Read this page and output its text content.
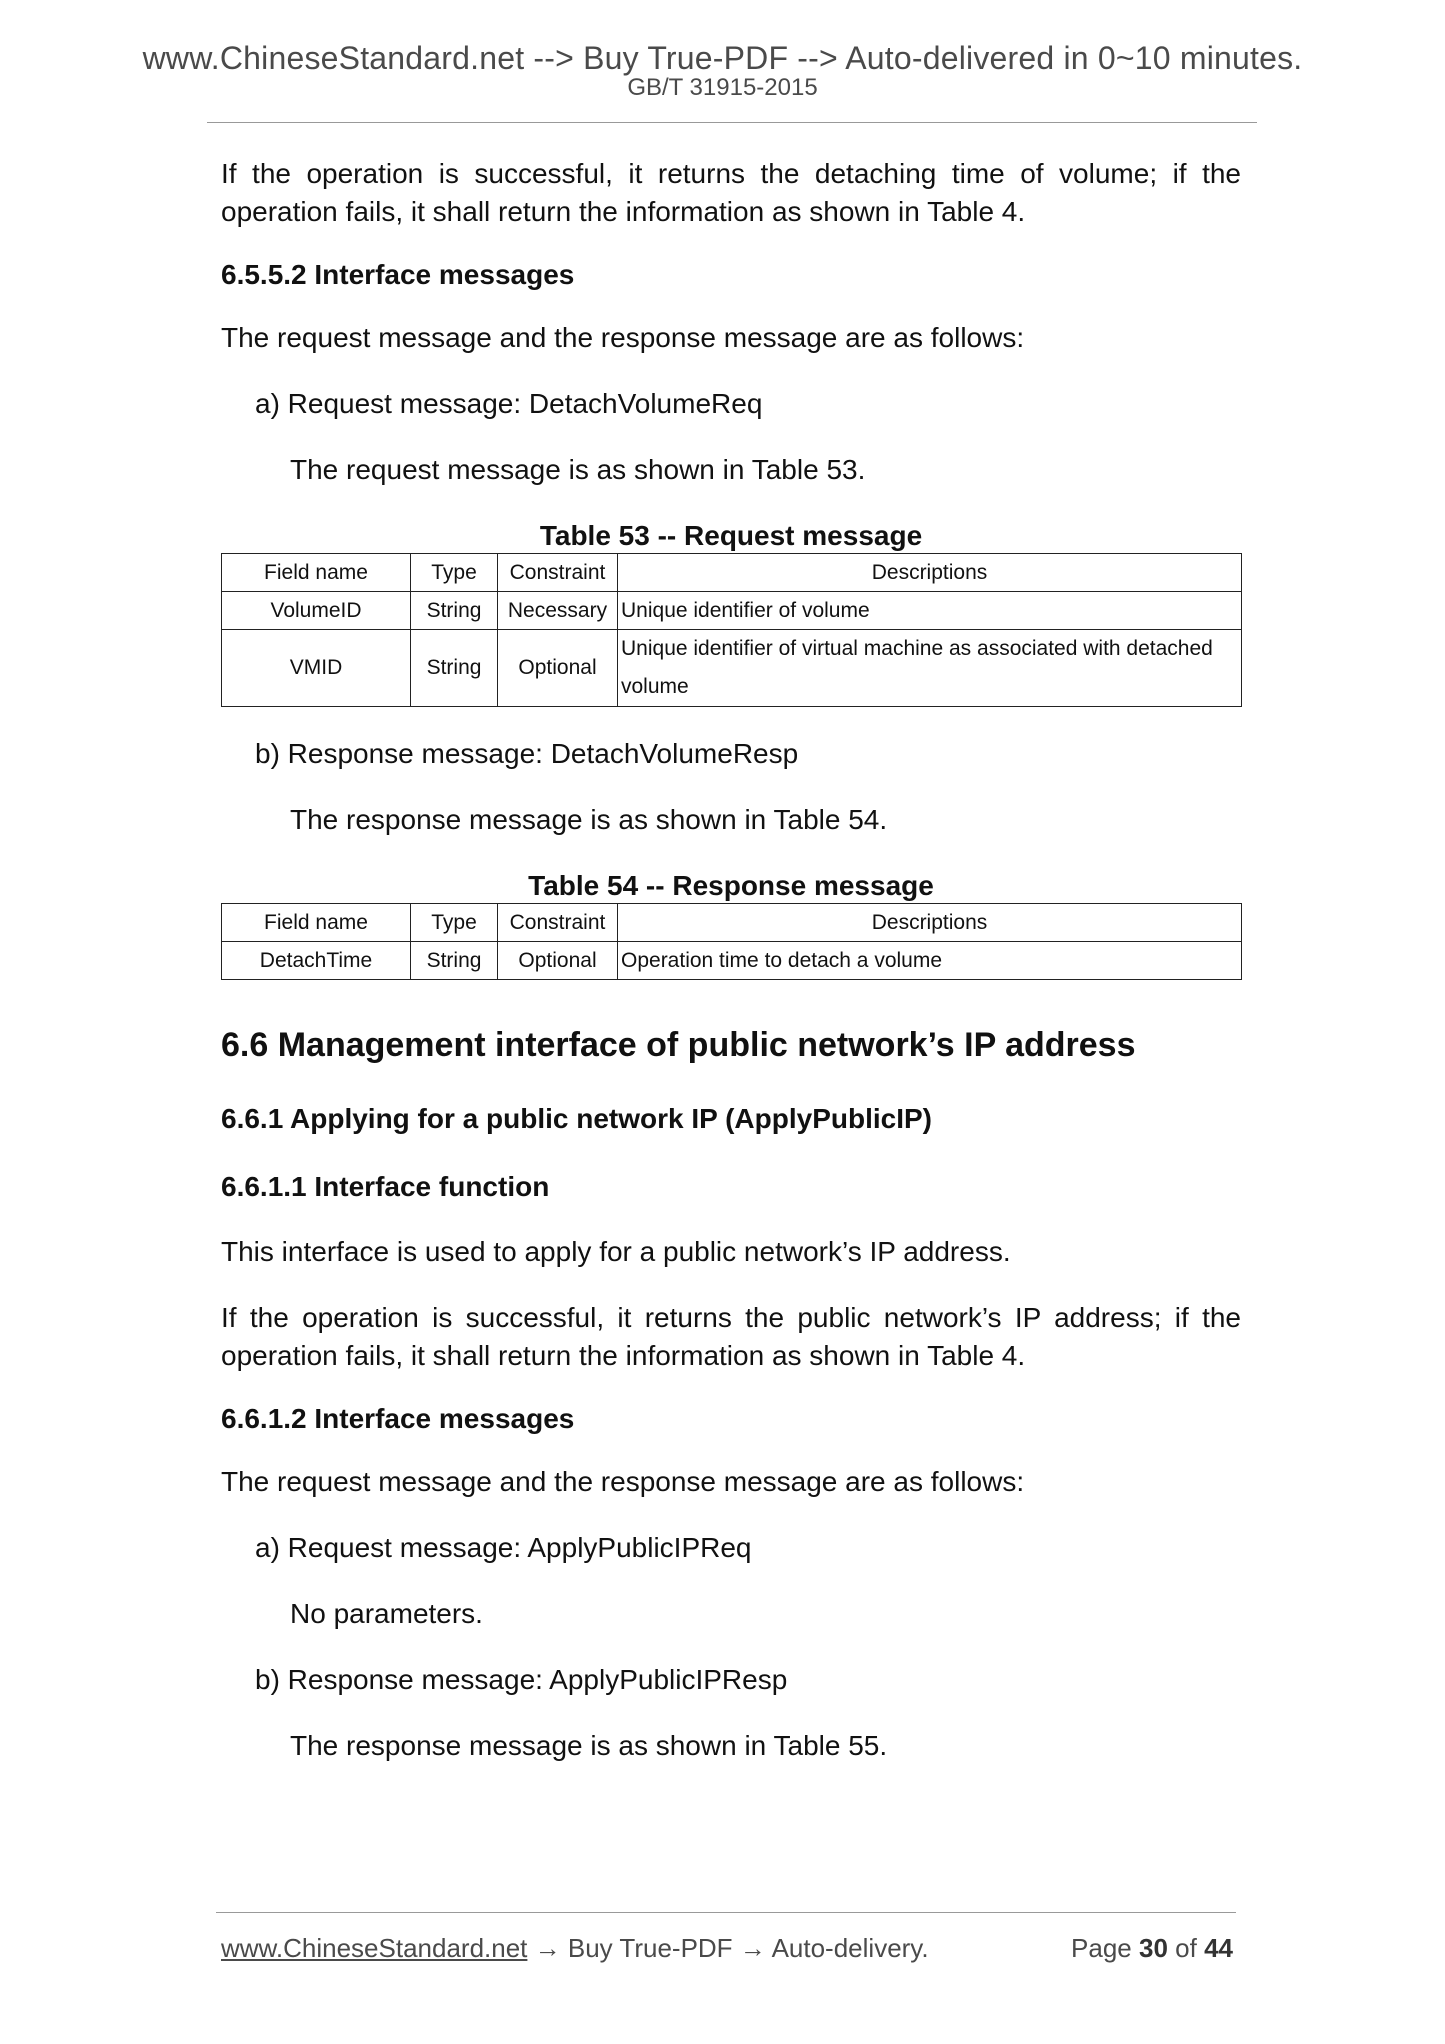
www.ChineseStandard.net --> Buy True-PDF --> Auto-delivered in 0~10 minutes.
GB/T 31915-2015

If the operation is successful, it returns the detaching time of volume; if the operation fails, it shall return the information as shown in Table 4.

6.5.5.2 Interface messages

The request message and the response message are as follows:

a) Request message: DetachVolumeReq

The request message is as shown in Table 53.

Table 53 -- Request message

Field name	Type	Constraint	Descriptions
VolumeID	String	Necessary	Unique identifier of volume
VMID	String	Optional	Unique identifier of virtual machine as associated with detached volume

b) Response message: DetachVolumeResp

The response message is as shown in Table 54.

Table 54 -- Response message

Field name	Type	Constraint	Descriptions
DetachTime	String	Optional	Operation time to detach a volume

6.6 Management interface of public network’s IP address

6.6.1 Applying for a public network IP (ApplyPublicIP)

6.6.1.1 Interface function

This interface is used to apply for a public network’s IP address.

If the operation is successful, it returns the public network’s IP address; if the operation fails, it shall return the information as shown in Table 4.

6.6.1.2 Interface messages

The request message and the response message are as follows:

a) Request message: ApplyPublicIPReq

No parameters.

b) Response message: ApplyPublicIPResp

The response message is as shown in Table 55.

www.ChineseStandard.net → Buy True-PDF → Auto-delivery.	Page 30 of 44
